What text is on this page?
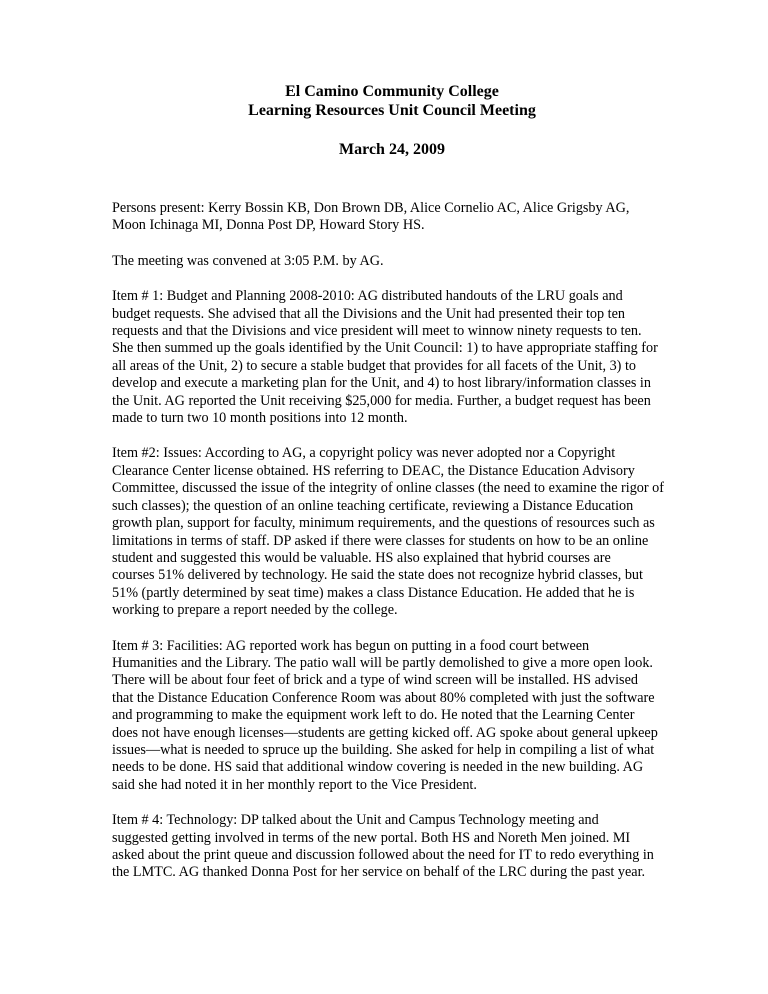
El Camino Community College

Learning Resources Unit Council Meeting

March 24, 2009

Persons present: Kerry Bossin KB, Don Brown DB, Alice Cornelio AC, Alice Grigsby AG,
Moon Ichinaga MI, Donna Post DP, Howard Story HS.

The meeting was convened at 3:05 P.M. by AG.

Item # 1: Budget and Planning 2008-2010: AG distributed handouts of the LRU goals and
budget requests. She advised that all the Divisions and the Unit had presented their top ten
requests and that the Divisions and vice president will meet to winnow ninety requests to ten.
She then summed up the goals identified by the Unit Council: 1) to have appropriate staffing for
all areas of the Unit, 2) to secure a stable budget that provides for all facets of the Unit, 3) to
develop and execute a marketing plan for the Unit, and 4) to host library/information classes in
the Unit. AG reported the Unit receiving $25,000 for media. Further, a budget request has been
made to turn two 10 month positions into 12 month.

Item #2: Issues: According to AG, a copyright policy was never adopted nor a Copyright
Clearance Center license obtained. HS referring to DEAC, the Distance Education Advisory
Committee, discussed the issue of the integrity of online classes (the need to examine the rigor of
such classes); the question of an online teaching certificate, reviewing a Distance Education
growth plan, support for faculty, minimum requirements, and the questions of resources such as
limitations in terms of staff. DP asked if there were classes for students on how to be an online
student and suggested this would be valuable. HS also explained that hybrid courses are
courses 51% delivered by technology. He said the state does not recognize hybrid classes, but
51% (partly determined by seat time) makes a class Distance Education. He added that he is
working to prepare a report needed by the college.

Item # 3: Facilities: AG reported work has begun on putting in a food court between
Humanities and the Library. The patio wall will be partly demolished to give a more open look.
There will be about four feet of brick and a type of wind screen will be installed. HS advised
that the Distance Education Conference Room was about 80% completed with just the software
and programming to make the equipment work left to do. He noted that the Learning Center
does not have enough licenses—students are getting kicked off. AG spoke about general upkeep
issues—what is needed to spruce up the building. She asked for help in compiling a list of what
needs to be done. HS said that additional window covering is needed in the new building. AG
said she had noted it in her monthly report to the Vice President.

Item # 4: Technology: DP talked about the Unit and Campus Technology meeting and
suggested getting involved in terms of the new portal. Both HS and Noreth Men joined. MI
asked about the print queue and discussion followed about the need for IT to redo everything in
the LMTC. AG thanked Donna Post for her service on behalf of the LRC during the past year.
